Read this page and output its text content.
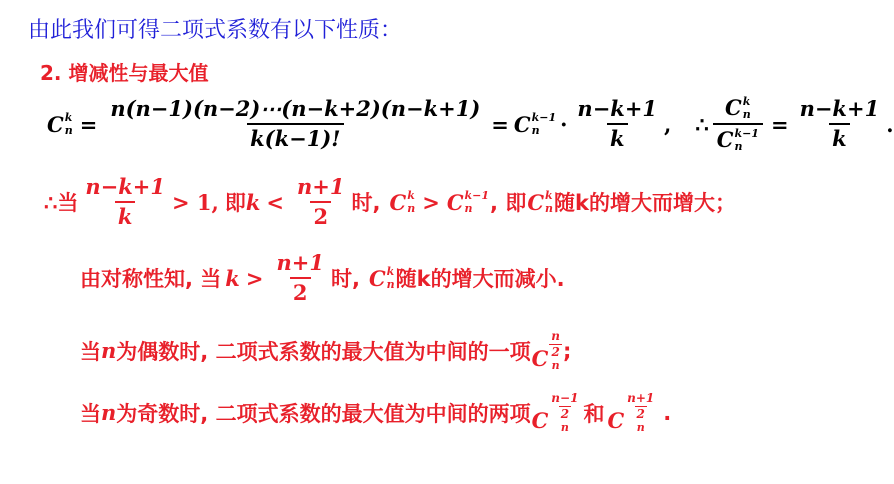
由此我们可得二项式系数有以下性质：
2. 增减性与最大值
C k
$n = \frac{n(n-1)(n-2)\cdots(n-k+2)(n-k+1)}{k(k-1)!} = C$ k−1
$n \cdot \frac{n-k+1}{k}$ , ∴ C k
n
C k−1
$n = \frac{n-k+1}{k}$ .
∴ 当 $\frac{n-k+1}{k} > 1$, 即 $k < \frac{n+1}{2}$ 时, C k
n > C k−1
n , 即 C k
n 随k的增大而增大；
由对称性知, 当 $k > \frac{n+1}{2}$ 时, C k
n 随k的增大而减小.
当 n 为偶数时, 二项式系数的最大值为中间的一项 C
$\frac{n}{2}$
n
;
当 n 为奇数时, 二项式系数的最大值为中间的两项 C
$\frac{n-1}{2}$
n
和 C
$\frac{n+1}{2}$
n
.
